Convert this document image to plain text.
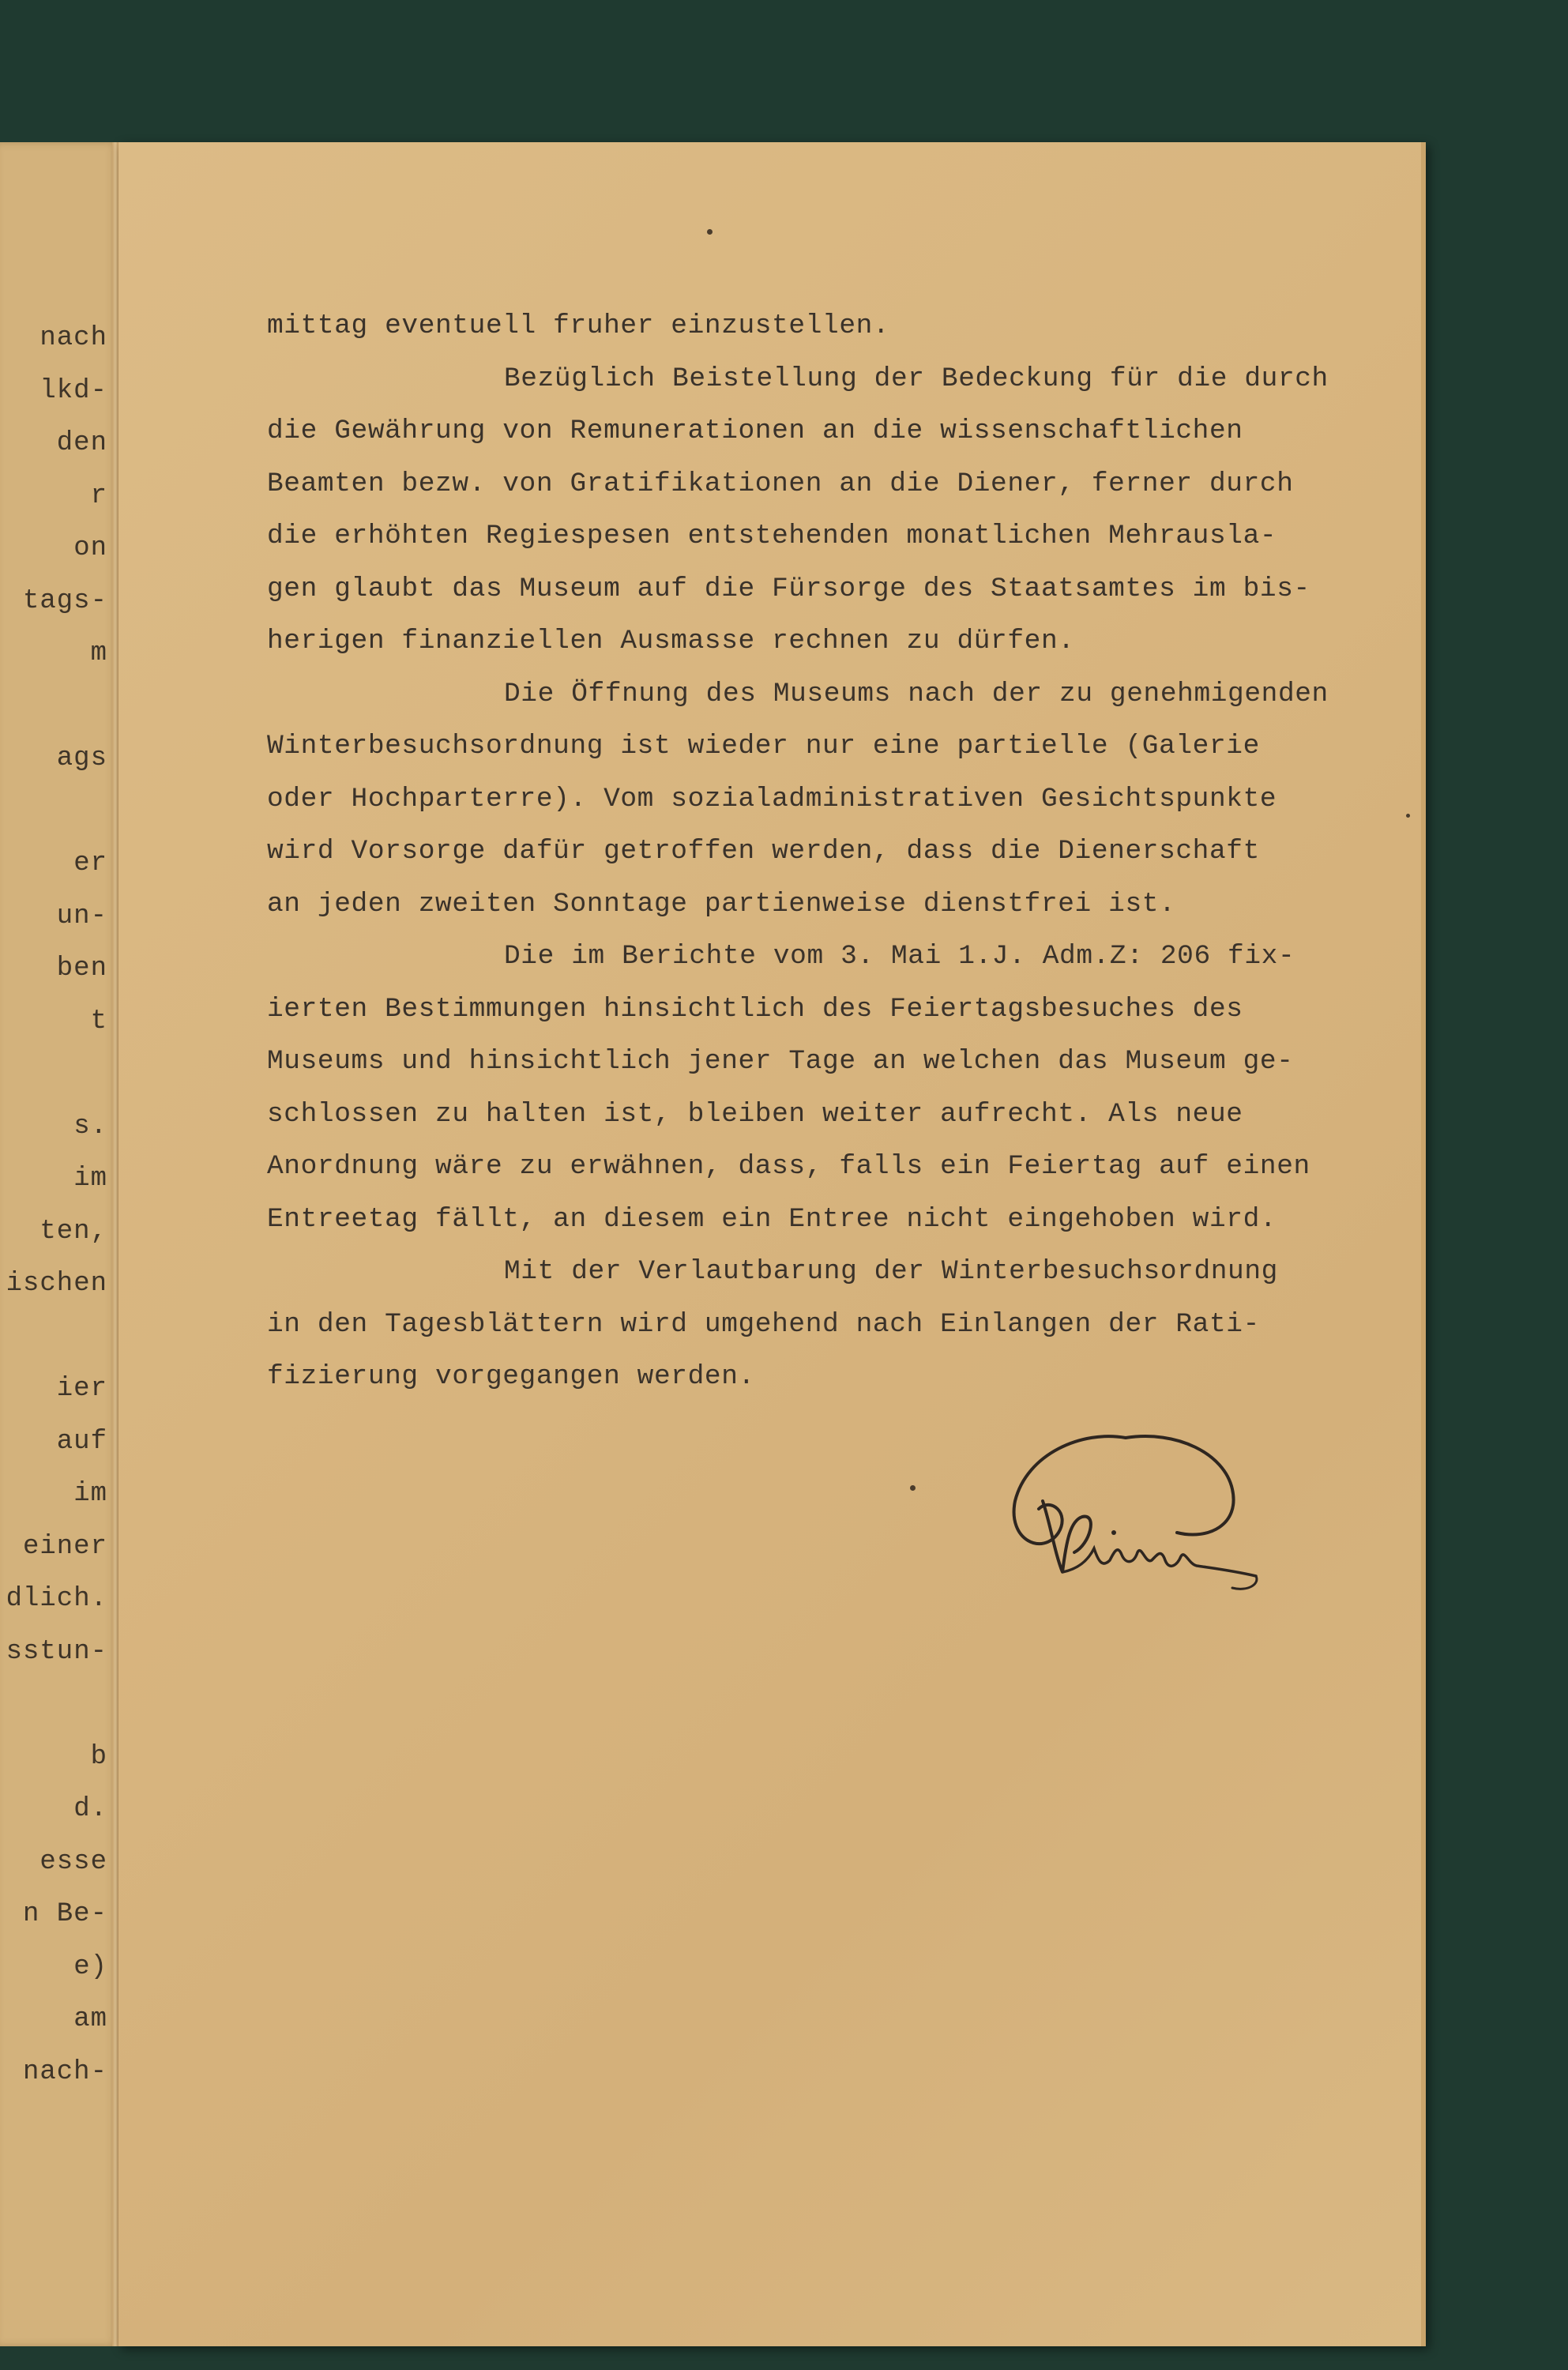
nach
lkd-
den
r
on
tags-
m
ags
er
un-
ben
t
s.
im
ten,
ischen
ier
auf
im
einer
dlich.
sstun-
b
d.
esse
n Be-
e)
am
nach-
mittag eventuell fruher einzustellen.
Bezüglich Beistellung der Bedeckung für die durch
die Gewährung von Remunerationen an die wissenschaftlichen
Beamten bezw. von Gratifikationen an die Diener, ferner durch
die erhöhten Regiespesen entstehenden monatlichen Mehrausla-
gen glaubt das Museum auf die Fürsorge des Staatsamtes im bis-
herigen finanziellen Ausmasse rechnen zu dürfen.
Die Öffnung des Museums nach der zu genehmigenden
Winterbesuchsordnung ist wieder nur eine partielle (Galerie
oder Hochparterre). Vom sozialadministrativen Gesichtspunkte
wird Vorsorge dafür getroffen werden, dass die Dienerschaft
an jeden zweiten Sonntage partienweise dienstfrei ist.
Die im Berichte vom 3. Mai 1.J. Adm.Z: 206 fix-
ierten Bestimmungen hinsichtlich des Feiertagsbesuches des
Museums und hinsichtlich jener Tage an welchen das Museum ge-
schlossen zu halten ist, bleiben weiter aufrecht. Als neue
Anordnung wäre zu erwähnen, dass, falls ein Feiertag auf einen
Entreetag fällt, an diesem ein Entree nicht eingehoben wird.
Mit der Verlautbarung der Winterbesuchsordnung
in den Tagesblättern wird umgehend nach Einlangen der Rati-
fizierung vorgegangen werden.
